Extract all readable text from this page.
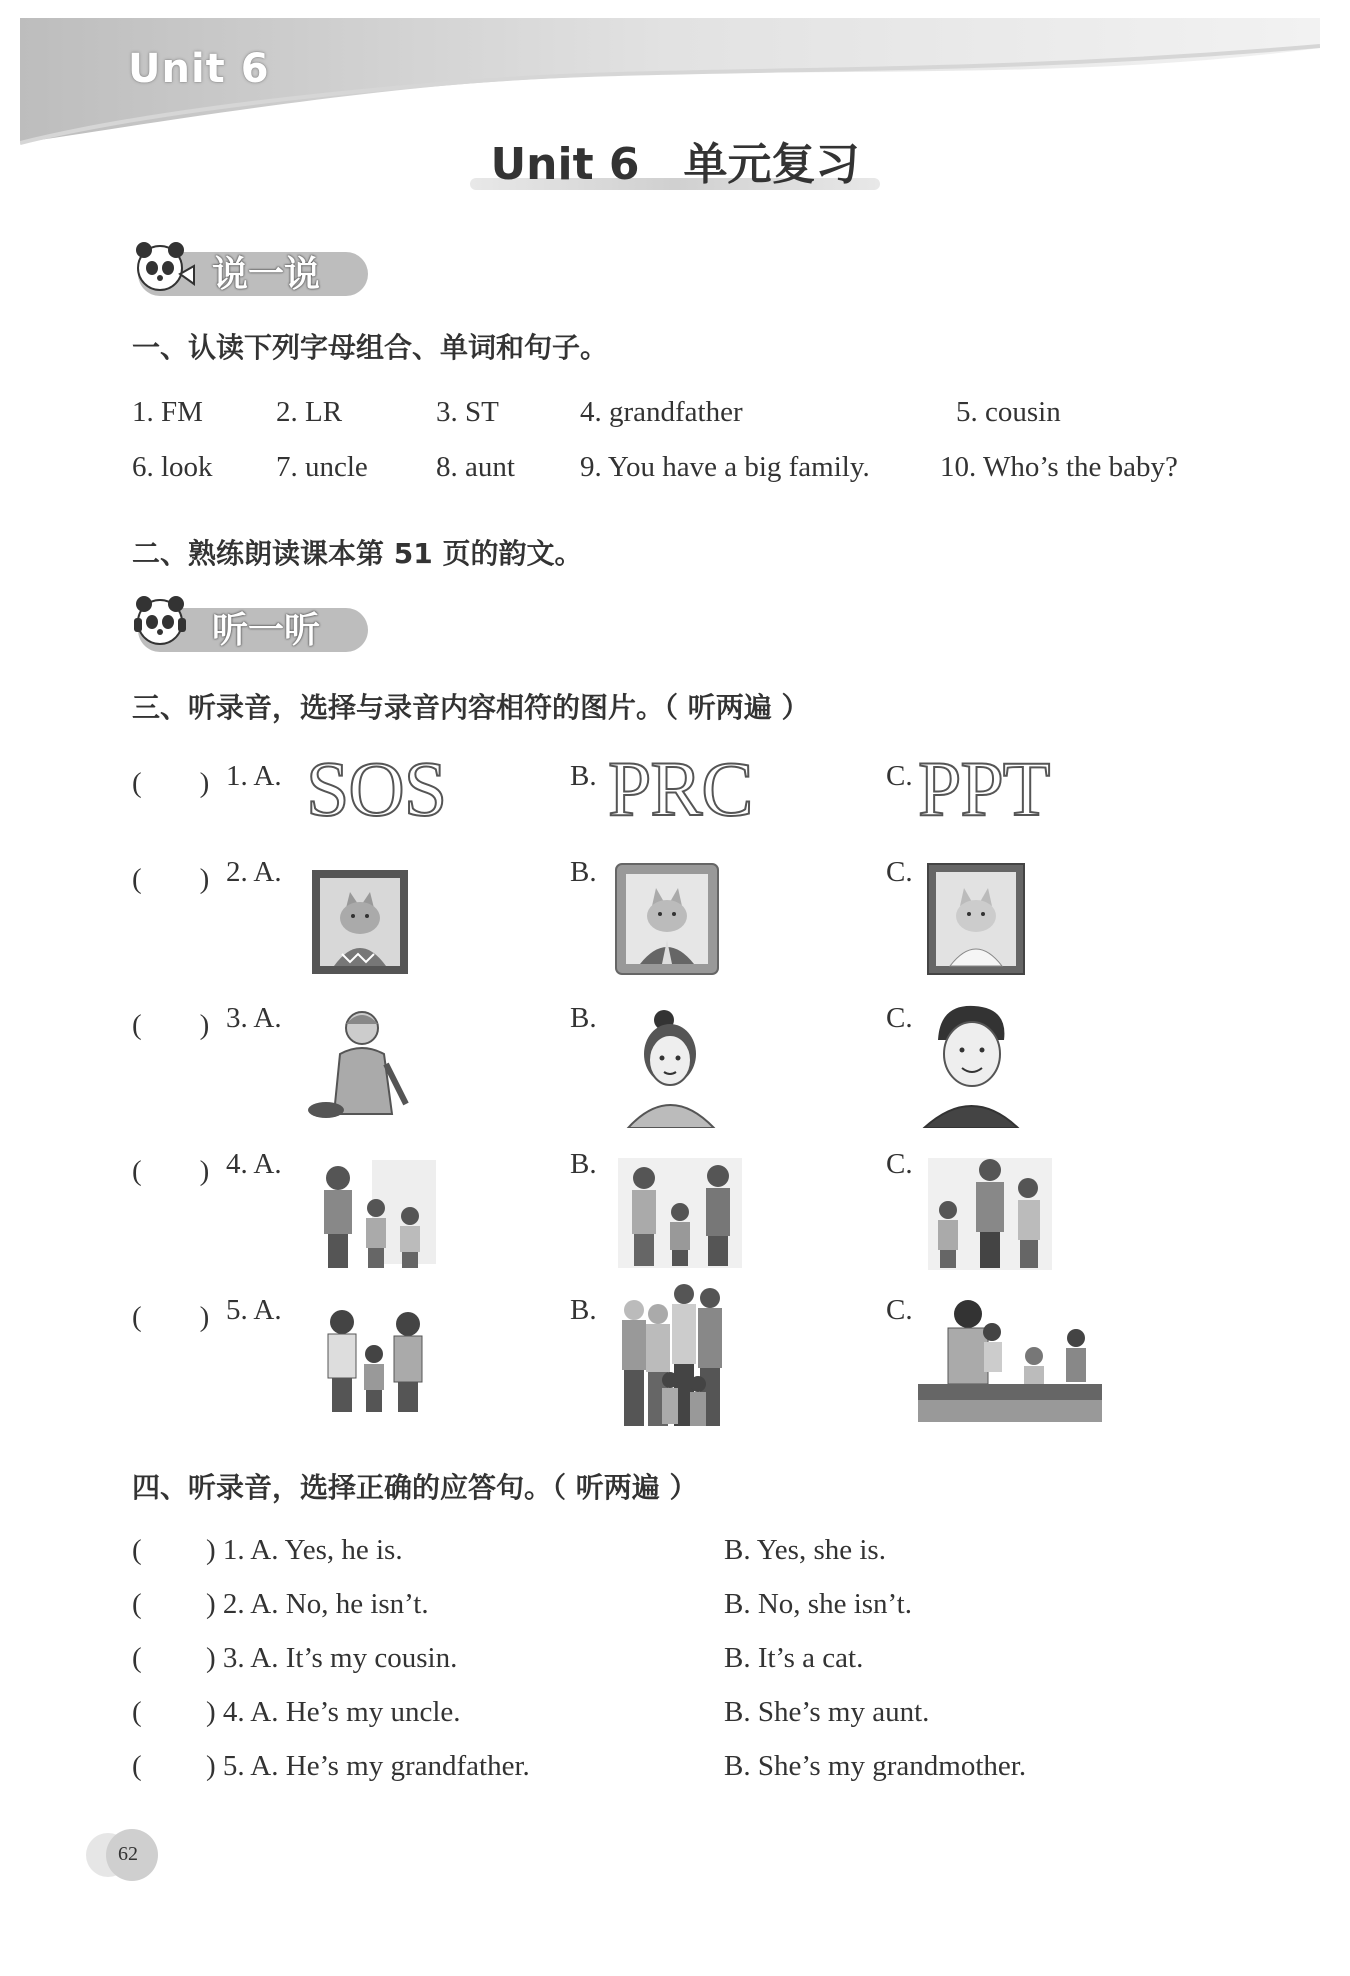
Unit 6
Unit 6　单元复习
说一说
一、认读下列字母组合、单词和句子。
1. FM	2. LR	3. ST	4. grandfather	5. cousin
6. look 7. uncle 8. aunt 9. You have a big family. 10. Who’s the baby?
二、熟练朗读课本第 51 页的韵文。
听一听
三、听录音，选择与录音内容相符的图片。（ 听两遍 ）
(　　) 1. A. SOS	B. PRC	C. PPT
(　　) 2. A.	B.	C.
(　　) 3. A.	B.	C.
(　　) 4. A.	B.	C.
(　　) 5. A.	B.	C.
四、听录音，选择正确的应答句。（ 听两遍 ）
( ) 1. A. Yes, he is.	B. Yes, she is.
( ) 2. A. No, he isn’t.	B. No, she isn’t.
( ) 3. A. It’s my cousin.	B. It’s a cat.
( ) 4. A. He’s my uncle.	B. She’s my aunt.
( ) 5. A. He’s my grandfather.	B. She’s my grandmother.
62
